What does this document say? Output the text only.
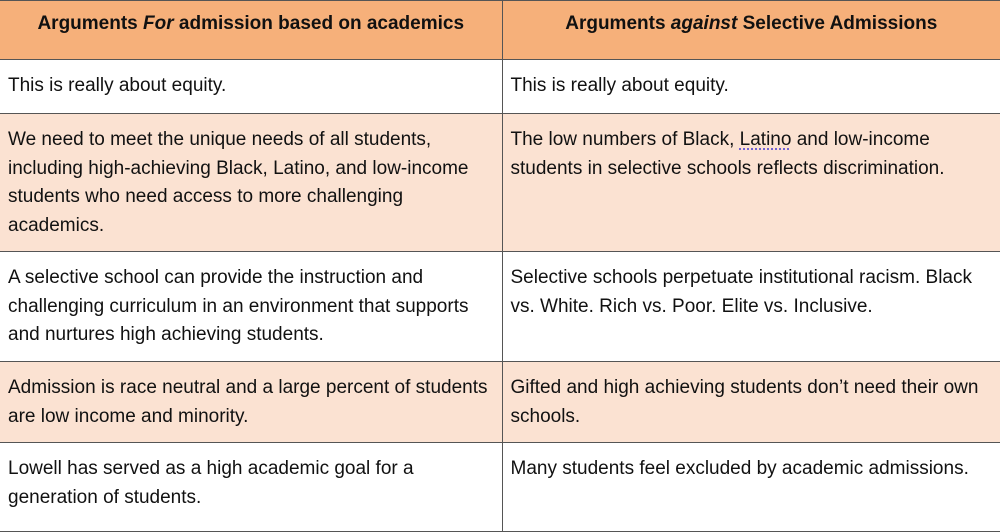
Arguments For admission based on academics	Arguments against Selective Admissions
This is really about equity.	This is really about equity.
We need to meet the unique needs of all students, including high-achieving Black, Latino, and low-income students who need access to more challenging academics.	The low numbers of Black, Latino and low-income students in selective schools reflects discrimination.
A selective school can provide the instruction and challenging curriculum in an environment that supports and nurtures high achieving students.	Selective schools perpetuate institutional racism. Black vs. White. Rich vs. Poor. Elite vs. Inclusive.
Admission is race neutral and a large percent of students are low income and minority.	Gifted and high achieving students don’t need their own schools.
Lowell has served as a high academic goal for a generation of students.	Many students feel excluded by academic admissions.
